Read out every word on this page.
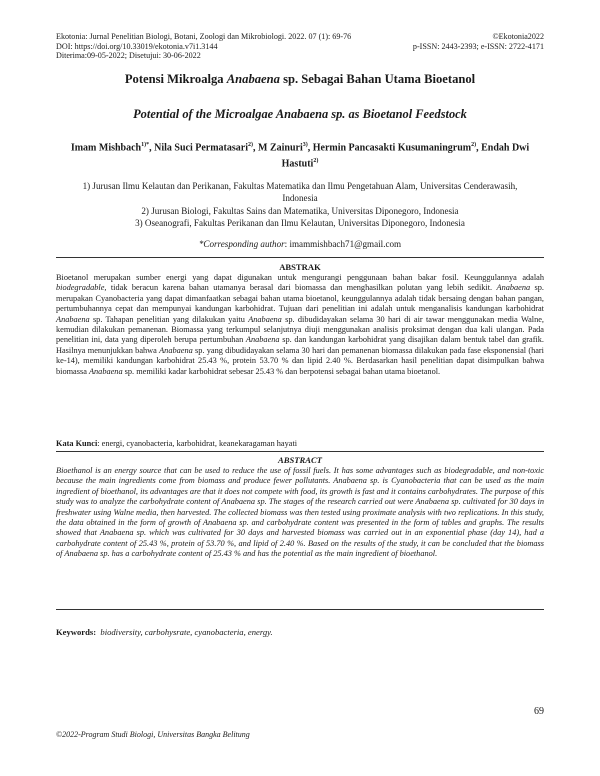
Ekotonia: Jurnal Penelitian Biologi, Botani, Zoologi dan Mikrobiologi. 2022. 07 (1): 69-76	©Ekotonia2022
DOI: https://doi.org/10.33019/ekotonia.v7i1.3144	p-ISSN: 2443-2393; e-ISSN: 2722-4171
Diterima:09-05-2022; Disetujui: 30-06-2022
Potensi Mikroalga Anabaena sp. Sebagai Bahan Utama Bioetanol
Potential of the Microalgae Anabaena sp. as Bioetanol Feedstock
Imam Mishbach$^{1)*}$, Nila Suci Permatasari$^{2)}$, M Zainuri$^{3)}$, Hermin Pancasakti Kusumaningrum$^{2)}$, Endah Dwi Hastuti$^{2)}$
1) Jurusan Ilmu Kelautan dan Perikanan, Fakultas Matematika dan Ilmu Pengetahuan Alam, Universitas Cenderawasih, Indonesia
2) Jurusan Biologi, Fakultas Sains dan Matematika, Universitas Diponegoro, Indonesia
3) Oseanografi, Fakultas Perikanan dan Ilmu Kelautan, Universitas Diponegoro, Indonesia
*Corresponding author: imammishbach71@gmail.com
ABSTRAK
Bioetanol merupakan sumber energi yang dapat digunakan untuk mengurangi penggunaan bahan bakar fosil. Keunggulannya adalah biodegradable, tidak beracun karena bahan utamanya berasal dari biomassa dan menghasilkan polutan yang lebih sedikit. Anabaena sp. merupakan Cyanobacteria yang dapat dimanfaatkan sebagai bahan utama bioetanol, keunggulannya adalah tidak bersaing dengan bahan pangan, pertumbuhannya cepat dan mempunyai kandungan karbohidrat. Tujuan dari penelitian ini adalah untuk menganalisis kandungan karbohidrat Anabaena sp. Tahapan penelitian yang dilakukan yaitu Anabaena sp. dibudidayakan selama 30 hari di air tawar menggunakan media Walne, kemudian dilakukan pemanenan. Biomassa yang terkumpul selanjutnya diuji menggunakan analisis proksimat dengan dua kali ulangan. Pada penelitian ini, data yang diperoleh berupa pertumbuhan Anabaena sp. dan kandungan karbohidrat yang disajikan dalam bentuk tabel dan grafik. Hasilnya menunjukkan bahwa Anabaena sp. yang dibudidayakan selama 30 hari dan pemanenan biomassa dilakukan pada fase eksponensial (hari ke-14), memiliki kandungan karbohidrat 25.43 %, protein 53.70 % dan lipid 2.40 %. Berdasarkan hasil penelitian dapat disimpulkan bahwa biomassa Anabaena sp. memiliki kadar karbohidrat sebesar 25.43 % dan berpotensi sebagai bahan utama bioetanol.
Kata Kunci: energi, cyanobacteria, karbohidrat, keanekaragaman hayati
ABSTRACT
Bioethanol is an energy source that can be used to reduce the use of fossil fuels. It has some advantages such as biodegradable, and non-toxic because the main ingredients come from biomass and produce fewer pollutants. Anabaena sp. is Cyanobacteria that can be used as the main ingredient of bioethanol, its advantages are that it does not compete with food, its growth is fast and it contains carbohydrates. The purpose of this study was to analyze the carbohydrate content of Anabaena sp. The stages of the research carried out were Anabaena sp. cultivated for 30 days in freshwater using Walne media, then harvested. The collected biomass was then tested using proximate analysis with two replications. In this study, the data obtained in the form of growth of Anabaena sp. and carbohydrate content was presented in the form of tables and graphs. The results showed that Anabaena sp. which was cultivated for 30 days and harvested biomass was carried out in an exponential phase (day 14), had a carbohydrate content of 25.43 %, protein of 53.70 %, and lipid of 2.40 %. Based on the results of the study, it can be concluded that the biomass of Anabaena sp. has a carbohydrate content of 25.43 % and has the potential as the main ingredient of bioethanol.
Keywords: biodiversity, carbohysrate, cyanobacteria, energy.
69
©2022-Program Studi Biologi, Universitas Bangka Belitung
